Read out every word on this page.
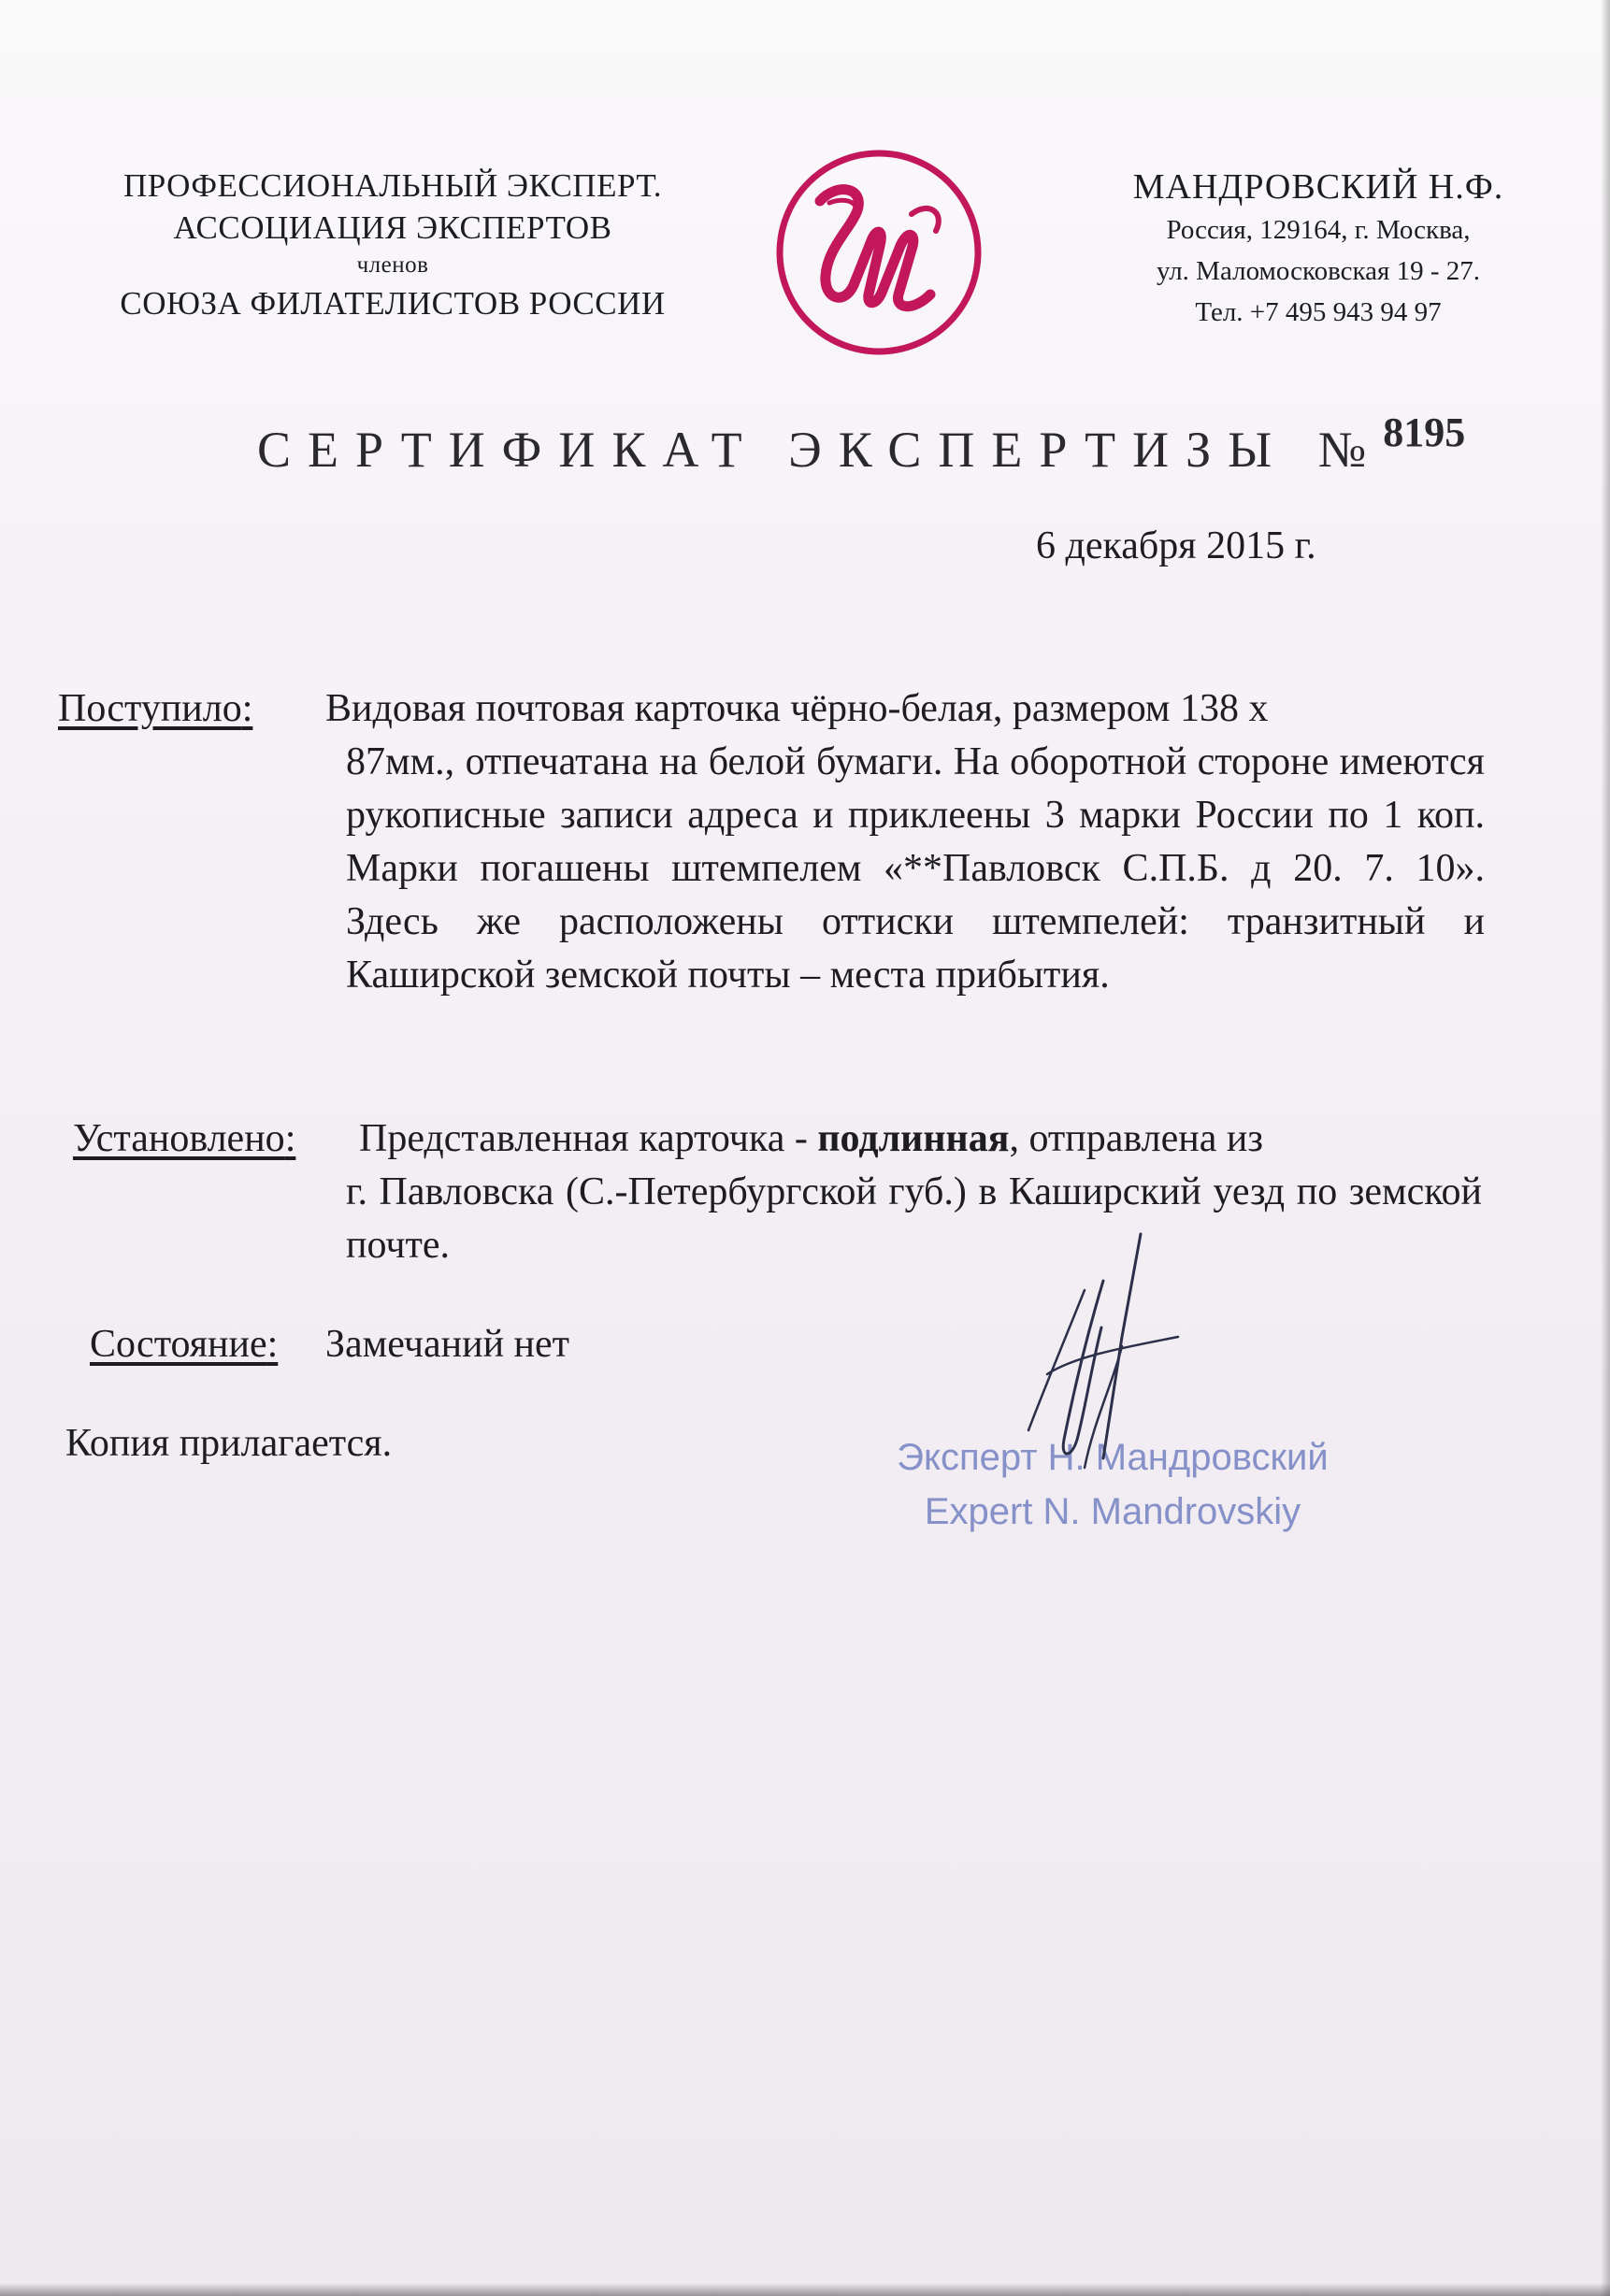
ПРОФЕССИОНАЛЬНЫЙ ЭКСПЕРТ.
АССОЦИАЦИЯ ЭКСПЕРТОВ
членов
СОЮЗА ФИЛАТЕЛИСТОВ РОССИИ
МАНДРОВСКИЙ Н.Ф.
Россия, 129164, г. Москва,
ул. Маломосковская 19 - 27.
Тел. +7 495 943 94 97
СЕРТИФИКАТ ЭКСПЕРТИЗЫ №$^{8195}$
6 декабря 2015 г.
Поступило: Видовая почтовая карточка чёрно-белая, размером 138 х
87мм., отпечатана на белой бумаги. На оборотной стороне имеются рукописные записи адреса и приклеены 3 марки России по 1 коп. Марки погашены штемпелем «**Павловск С.П.Б. д 20. 7. 10». Здесь же расположены оттиски штемпелей: транзитный и Каширской земской почты – места прибытия.
Установлено: Представленная карточка - подлинная, отправлена из
г. Павловска (С.-Петербургской губ.) в Каширский уезд по земской почте.
Состояние: Замечаний нет
Копия прилагается.	Эксперт Н. Мандровский
Expert N. Mandrovskiy
